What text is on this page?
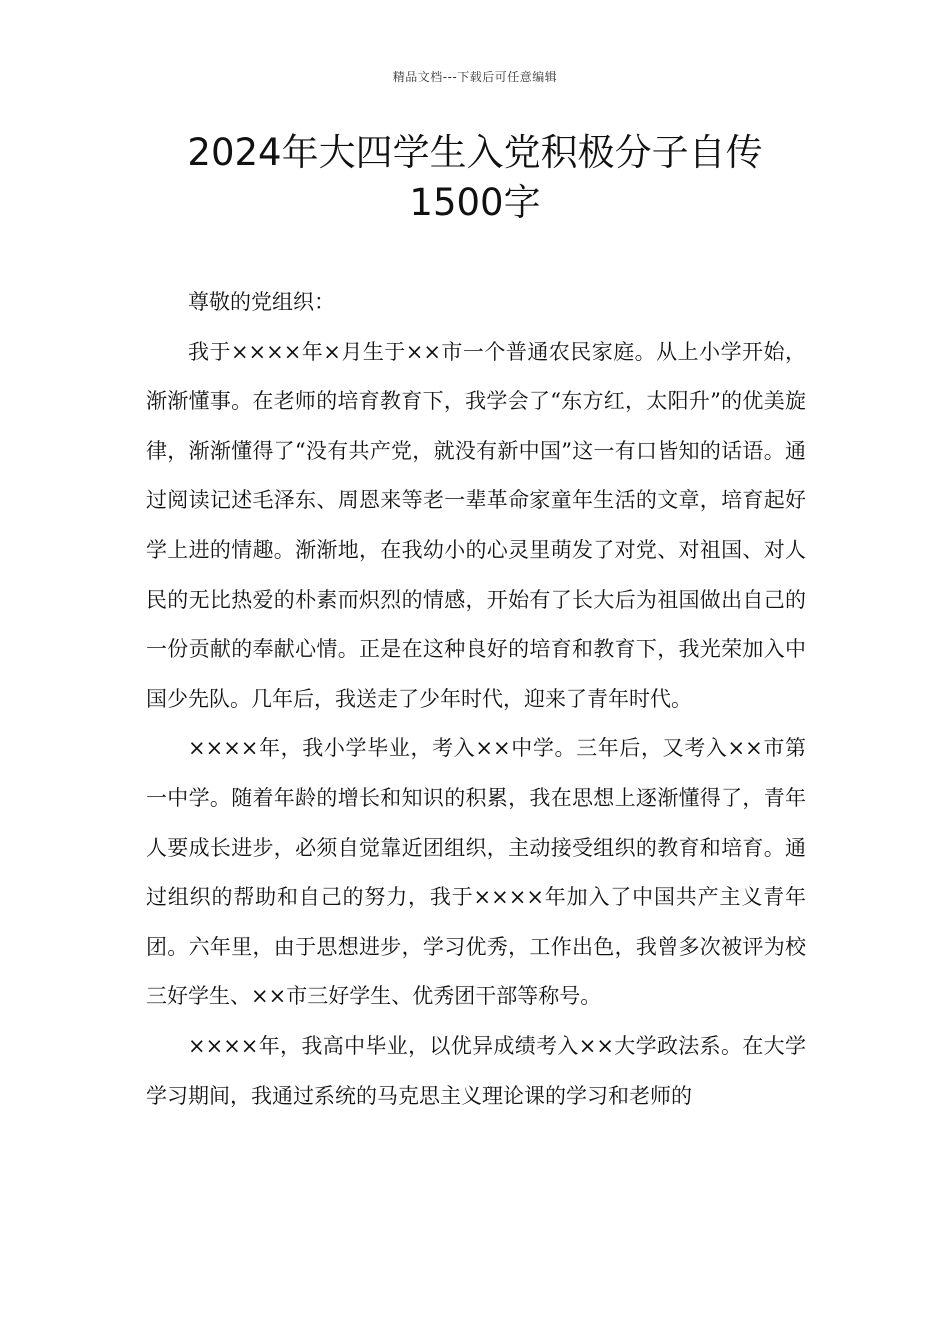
精品文档---下载后可任意编辑
2024年大四学生入党积极分子自传
1500字

尊敬的党组织：

我于××××年×月生于××市一个普通农民家庭。从上小学开始，渐渐懂事。在老师的培育教育下，我学会了“东方红，太阳升”的优美旋律，渐渐懂得了“没有共产党，就没有新中国”这一有口皆知的话语。通过阅读记述毛泽东、周恩来等老一辈革命家童年生活的文章，培育起好学上进的情趣。渐渐地，在我幼小的心灵里萌发了对党、对祖国、对人民的无比热爱的朴素而炽烈的情感，开始有了长大后为祖国做出自己的一份贡献的奉献心情。正是在这种良好的培育和教育下，我光荣加入中国少先队。几年后，我送走了少年时代，迎来了青年时代。

××××年，我小学毕业，考入××中学。三年后，又考入××市第一中学。随着年龄的增长和知识的积累，我在思想上逐渐懂得了，青年人要成长进步，必须自觉靠近团组织，主动接受组织的教育和培育。通过组织的帮助和自己的努力，我于××××年加入了中国共产主义青年团。六年里，由于思想进步，学习优秀，工作出色，我曾多次被评为校三好学生、××市三好学生、优秀团干部等称号。

××××年，我高中毕业，以优异成绩考入××大学政法系。在大学学习期间，我通过系统的马克思主义理论课的学习和老师的
